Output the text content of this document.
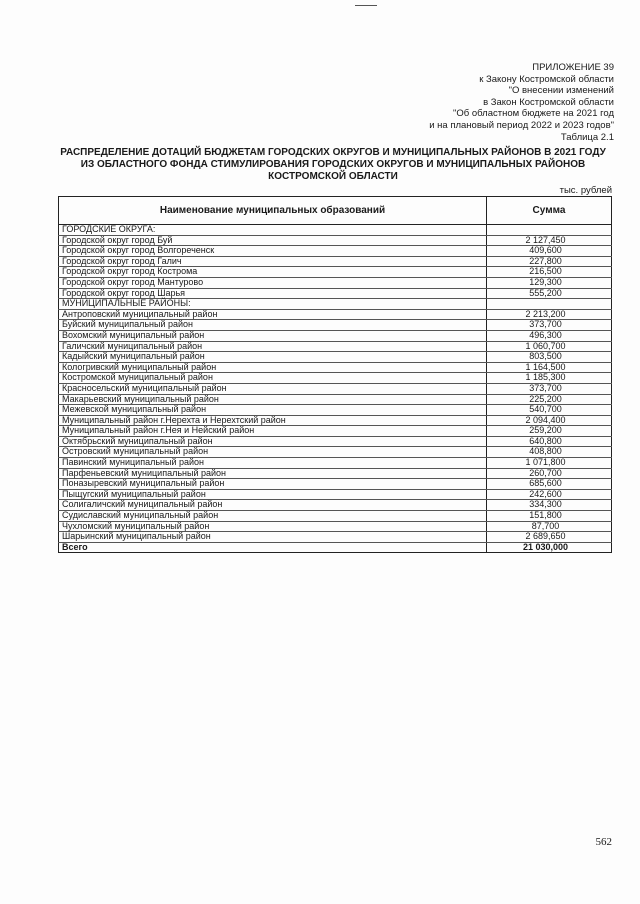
ПРИЛОЖЕНИЕ 39
к Закону Костромской области
"О внесении изменений
в Закон Костромской области
"Об областном бюджете на 2021 год
и на плановый период 2022 и 2023 годов"
Таблица 2.1
РАСПРЕДЕЛЕНИЕ ДОТАЦИЙ БЮДЖЕТАМ ГОРОДСКИХ ОКРУГОВ И МУНИЦИПАЛЬНЫХ РАЙОНОВ В 2021 ГОДУ ИЗ ОБЛАСТНОГО ФОНДА СТИМУЛИРОВАНИЯ ГОРОДСКИХ ОКРУГОВ И МУНИЦИПАЛЬНЫХ РАЙОНОВ КОСТРОМСКОЙ ОБЛАСТИ
тыс. рублей
Наименование муниципальных образований	Сумма
ГОРОДСКИЕ ОКРУГА:	
Городской округ город Буй	2 127,450
Городской округ город Волгореченск	409,600
Городской округ город Галич	227,800
Городской округ город Кострома	216,500
Городской округ город Мантурово	129,300
Городской округ город Шарья	555,200
МУНИЦИПАЛЬНЫЕ РАЙОНЫ:	
Антроповский муниципальный район	2 213,200
Буйский муниципальный район	373,700
Вохомский муниципальный район	496,300
Галичский муниципальный район	1 060,700
Кадыйский муниципальный район	803,500
Кологривский муниципальный район	1 164,500
Костромской муниципальный район	1 185,300
Красносельский муниципальный район	373,700
Макарьевский муниципальный район	225,200
Межевской муниципальный район	540,700
Муниципальный район г.Нерехта и Нерехтский район	2 094,400
Муниципальный район г.Нея и Нейский район	259,200
Октябрьский муниципальный район	640,800
Островский муниципальный район	408,800
Павинский муниципальный район	1 071,800
Парфеньевский муниципальный район	260,700
Поназыревский муниципальный район	685,600
Пыщугский муниципальный район	242,600
Солигаличский муниципальный район	334,300
Судиславский муниципальный район	151,800
Чухломский муниципальный район	87,700
Шарьинский муниципальный район	2 689,650
Всего	21 030,000
562
